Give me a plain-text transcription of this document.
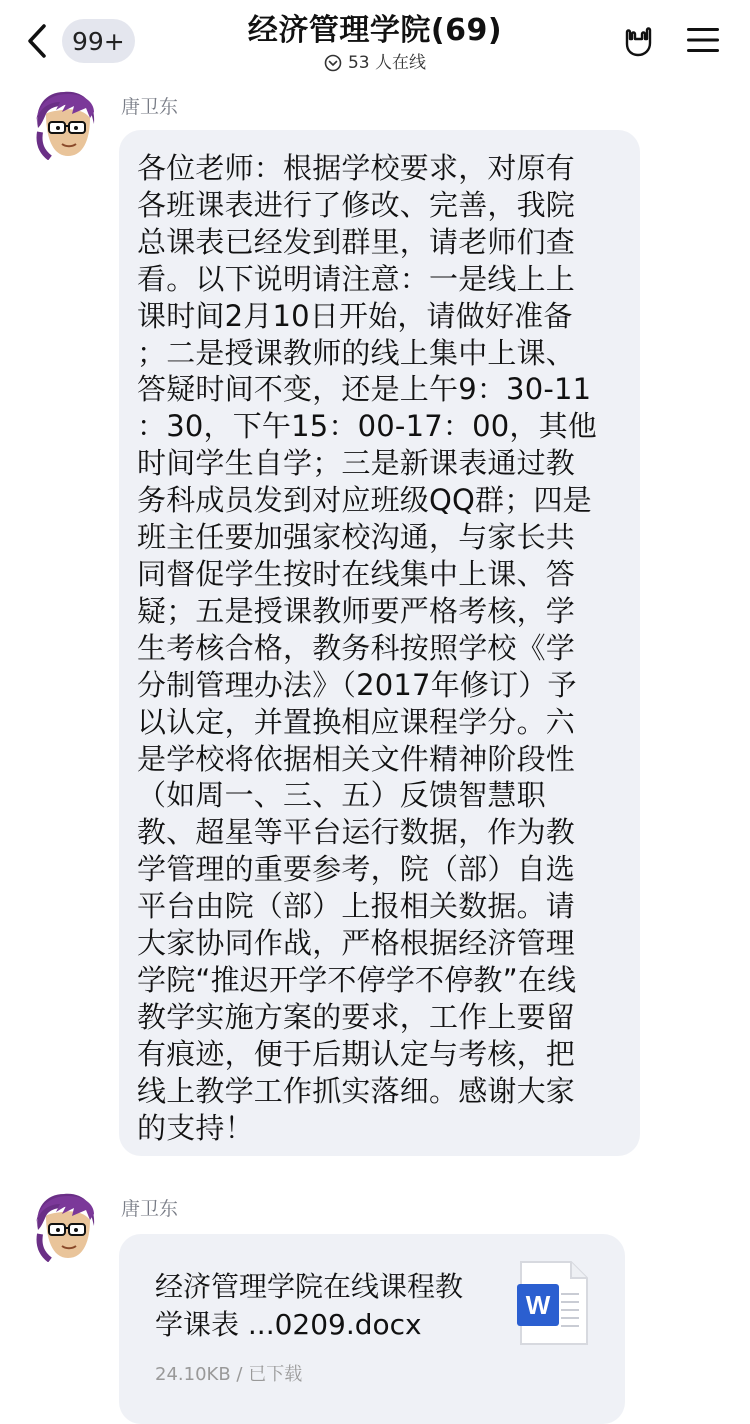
99+	经济管理学院(69)
53 人在线
唐卫东
各位老师：根据学校要求，对原有
各班课表进行了修改、完善，我院
总课表已经发到群里，请老师们查
看。以下说明请注意：一是线上上
课时间2月10日开始，请做好准备
；二是授课教师的线上集中上课、
答疑时间不变，还是上午9：30-11
：30，下午15：00-17：00，其他
时间学生自学；三是新课表通过教
务科成员发到对应班级QQ群；四是
班主任要加强家校沟通，与家长共
同督促学生按时在线集中上课、答
疑；五是授课教师要严格考核，学
生考核合格，教务科按照学校《学
分制管理办法》（2017年修订）予
以认定，并置换相应课程学分。六
是学校将依据相关文件精神阶段性
（如周一、三、五）反馈智慧职
教、超星等平台运行数据，作为教
学管理的重要参考，院（部）自选
平台由院（部）上报相关数据。请
大家协同作战，严格根据经济管理
学院“推迟开学不停学不停教”在线
教学实施方案的要求，工作上要留
有痕迹，便于后期认定与考核，把
线上教学工作抓实落细。感谢大家
的支持！
唐卫东
经济管理学院在线课程教学课表 ...0209.docx
W
24.10KB / 已下载
